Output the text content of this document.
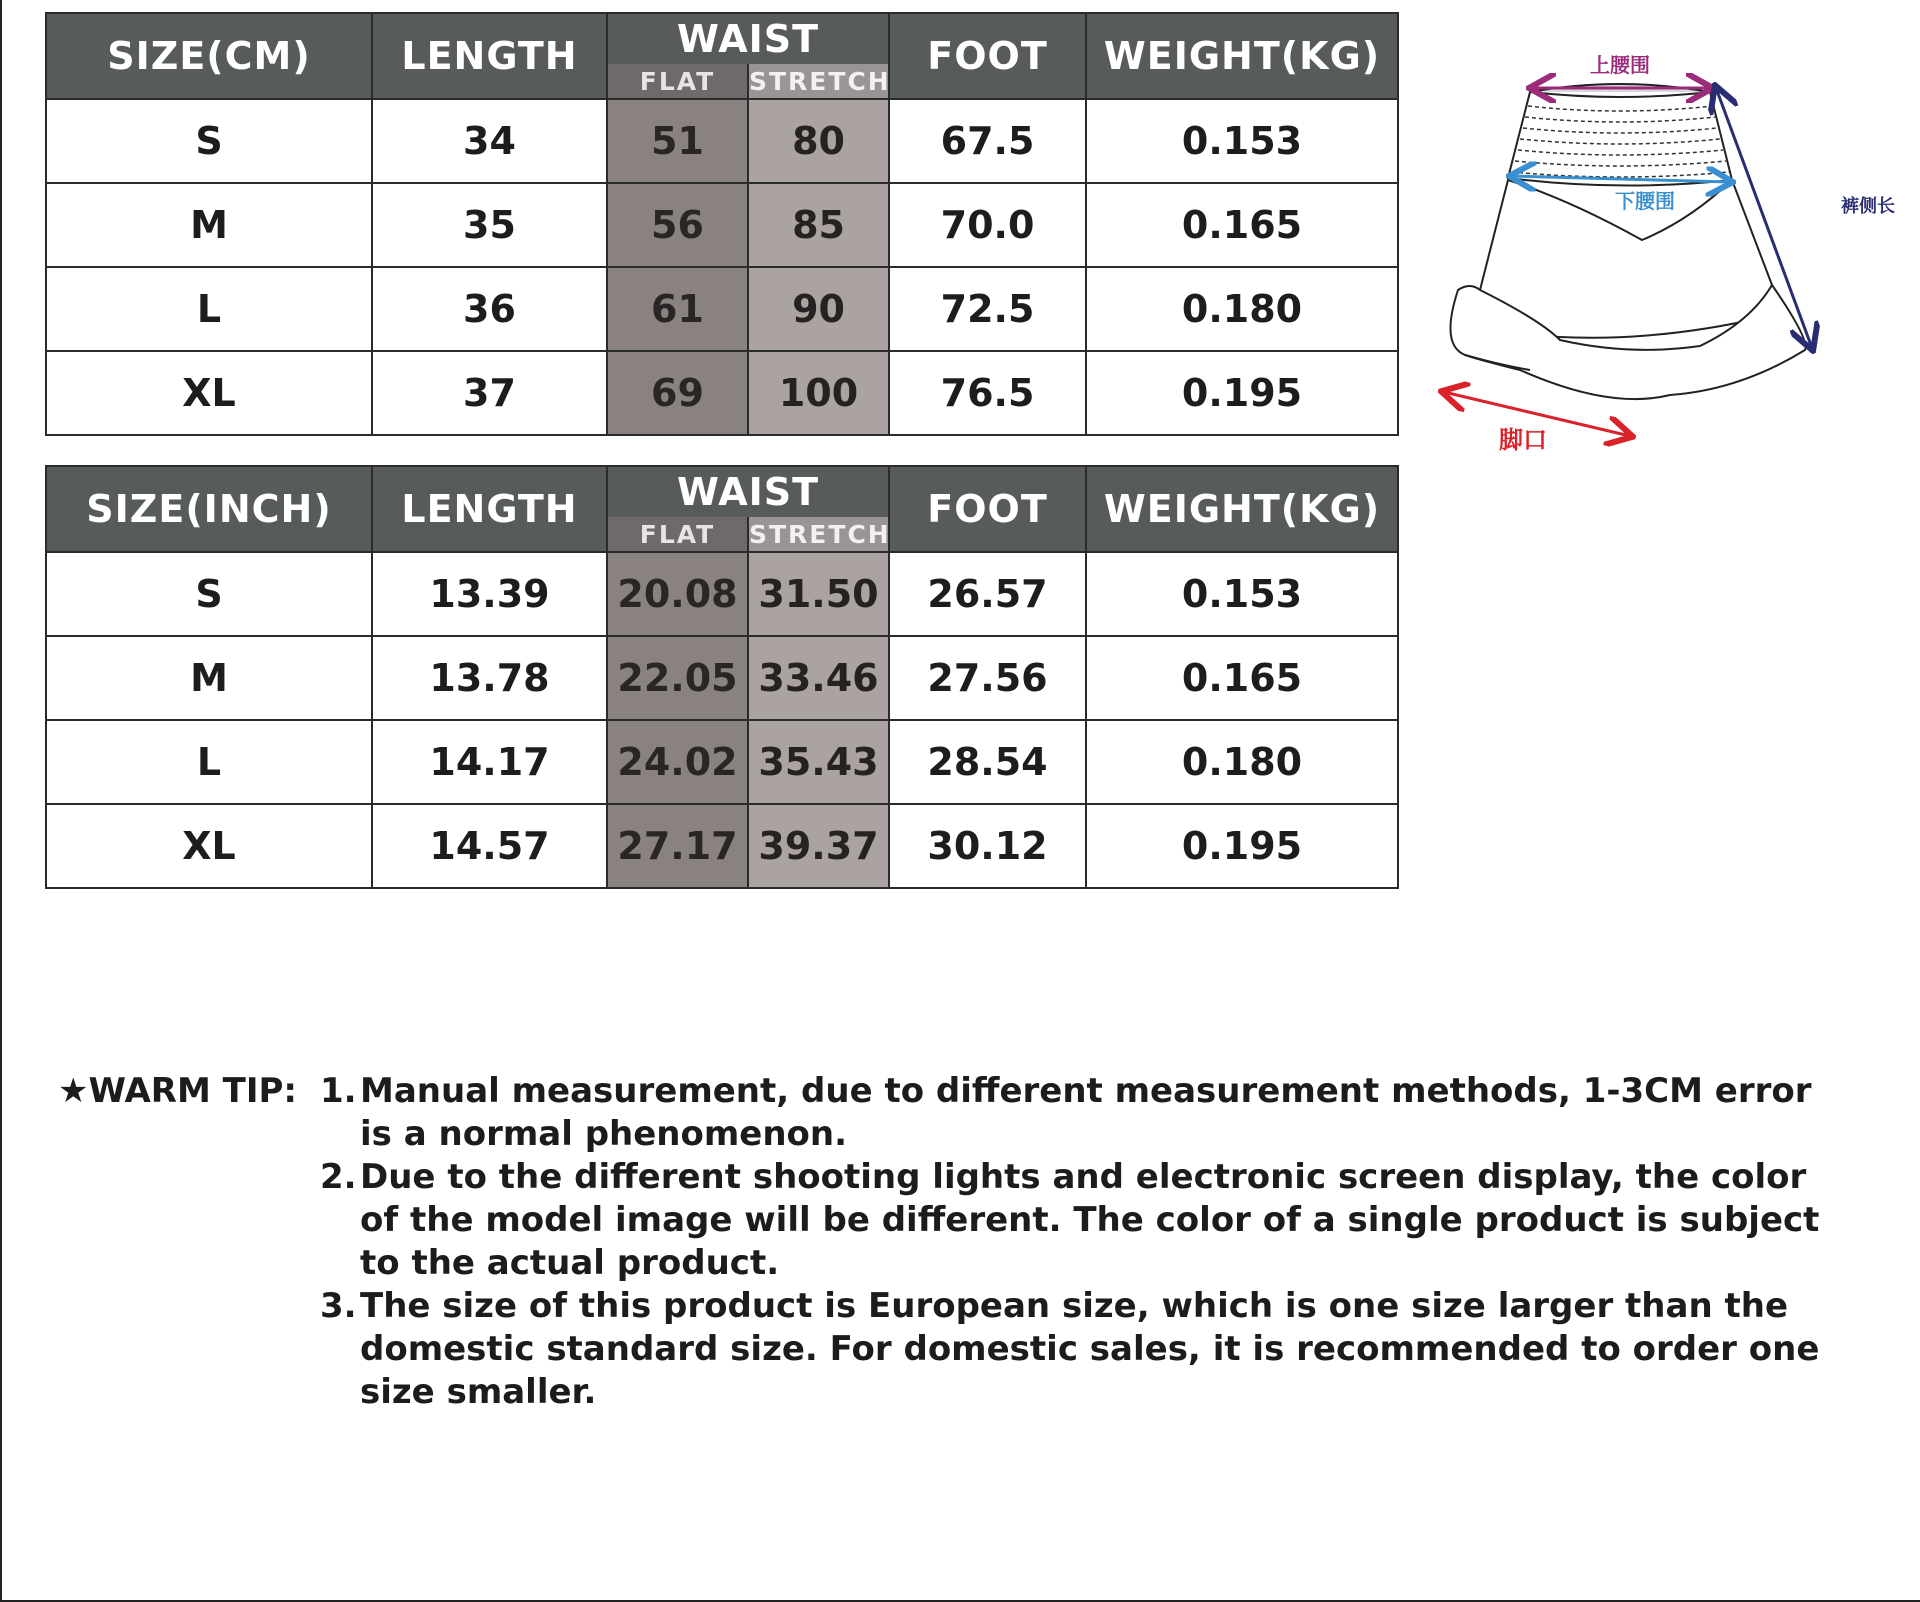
SIZE(CM)	LENGTH	WAIST		FOOT	WEIGHT(KG)
		FLAT	STRETCH		
S	34	51	80	67.5	0.153
M	35	56	85	70.0	0.165
L	36	61	90	72.5	0.180
XL	37	69	100	76.5	0.195
SIZE(INCH)	LENGTH	WAIST		FOOT	WEIGHT(KG)
		FLAT	STRETCH		
S	13.39	20.08	31.50	26.57	0.153
M	13.78	22.05	33.46	27.56	0.165
L	14.17	24.02	35.43	28.54	0.180
XL	14.57	27.17	39.37	30.12	0.195
上腰围
下腰围	裤侧长
脚口
★WARM TIP: 1. Manual measurement, due to different measurement methods, 1-3CM error is a normal phenomenon.
2. Due to the different shooting lights and electronic screen display, the color of the model image will be different. The color of a single product is subject to the actual product.
3. The size of this product is European size, which is one size larger than the domestic standard size. For domestic sales, it is recommended to order one size smaller.
